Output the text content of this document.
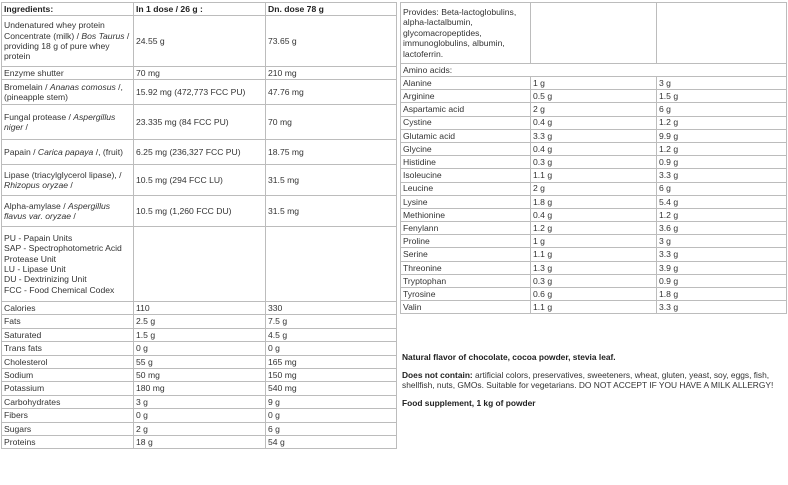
Ingredients:	In 1 dose / 26 g :	Dn. dose 78 g
Undenatured whey protein Concentrate (milk) / Bos Taurus / providing 18 g of pure whey protein	24.55 g	73.65 g
Enzyme shutter	70 mg	210 mg
Bromelain / Ananas comosus /, (pineapple stem)	15.92 mg (472,773 FCC PU)	47.76 mg
Fungal protease / Aspergillus niger /	23.335 mg (84 FCC PU)	70 mg
Papain / Carica papaya /, (fruit)	6.25 mg (236,327 FCC PU)	18.75 mg
Lipase (triacylglycerol lipase), / Rhizopus oryzae /	10.5 mg (294 FCC LU)	31.5 mg
Alpha-amylase / Aspergillus flavus var. oryzae /	10.5 mg (1,260 FCC DU)	31.5 mg

PU - Papain Units
SAP - Spectrophotometric Acid Protease Unit
LU - Lipase Unit
DU - Dextrinizing Unit
FCC - Food Chemical Codex		

Calories	110	330
Fats	2.5 g	7.5 g
Saturated	1.5 g	4.5 g
Trans fats	0 g	0 g
Cholesterol	55 g	165 mg
Sodium	50 mg	150 mg
Potassium	180 mg	540 mg
Carbohydrates	3 g	9 g
Fibers	0 g	0 g
Sugars	2 g	6 g
Proteins	18 g	54 g
Provides: Beta-lactoglobulins, alpha-lactalbumin, glycomacropeptides, immunoglobulins, albumin, lactoferrin.		
Amino acids:		
Alanine	1 g	3 g
Arginine	0.5 g	1.5 g
Aspartamic acid	2 g	6 g
Cystine	0.4 g	1.2 g
Glutamic acid	3.3 g	9.9 g
Glycine	0.4 g	1.2 g
Histidine	0.3 g	0.9 g
Isoleucine	1.1 g	3.3 g
Leucine	2 g	6 g
Lysine	1.8 g	5.4 g
Methionine	0.4 g	1.2 g
Fenylann	1.2 g	3.6 g
Proline	1 g	3 g
Serine	1.1 g	3.3 g
Threonine	1.3 g	3.9 g
Tryptophan	0.3 g	0.9 g
Tyrosine	0.6 g	1.8 g
Valin	1.1 g	3.3 g

Natural flavor of chocolate, cocoa powder, stevia leaf.

Does not contain: artificial colors, preservatives, sweeteners, wheat, gluten, yeast, soy, eggs, fish, shellfish, nuts, GMOs. Suitable for vegetarians. DO NOT ACCEPT IF YOU HAVE A MILK ALLERGY!

Food supplement, 1 kg of powder
